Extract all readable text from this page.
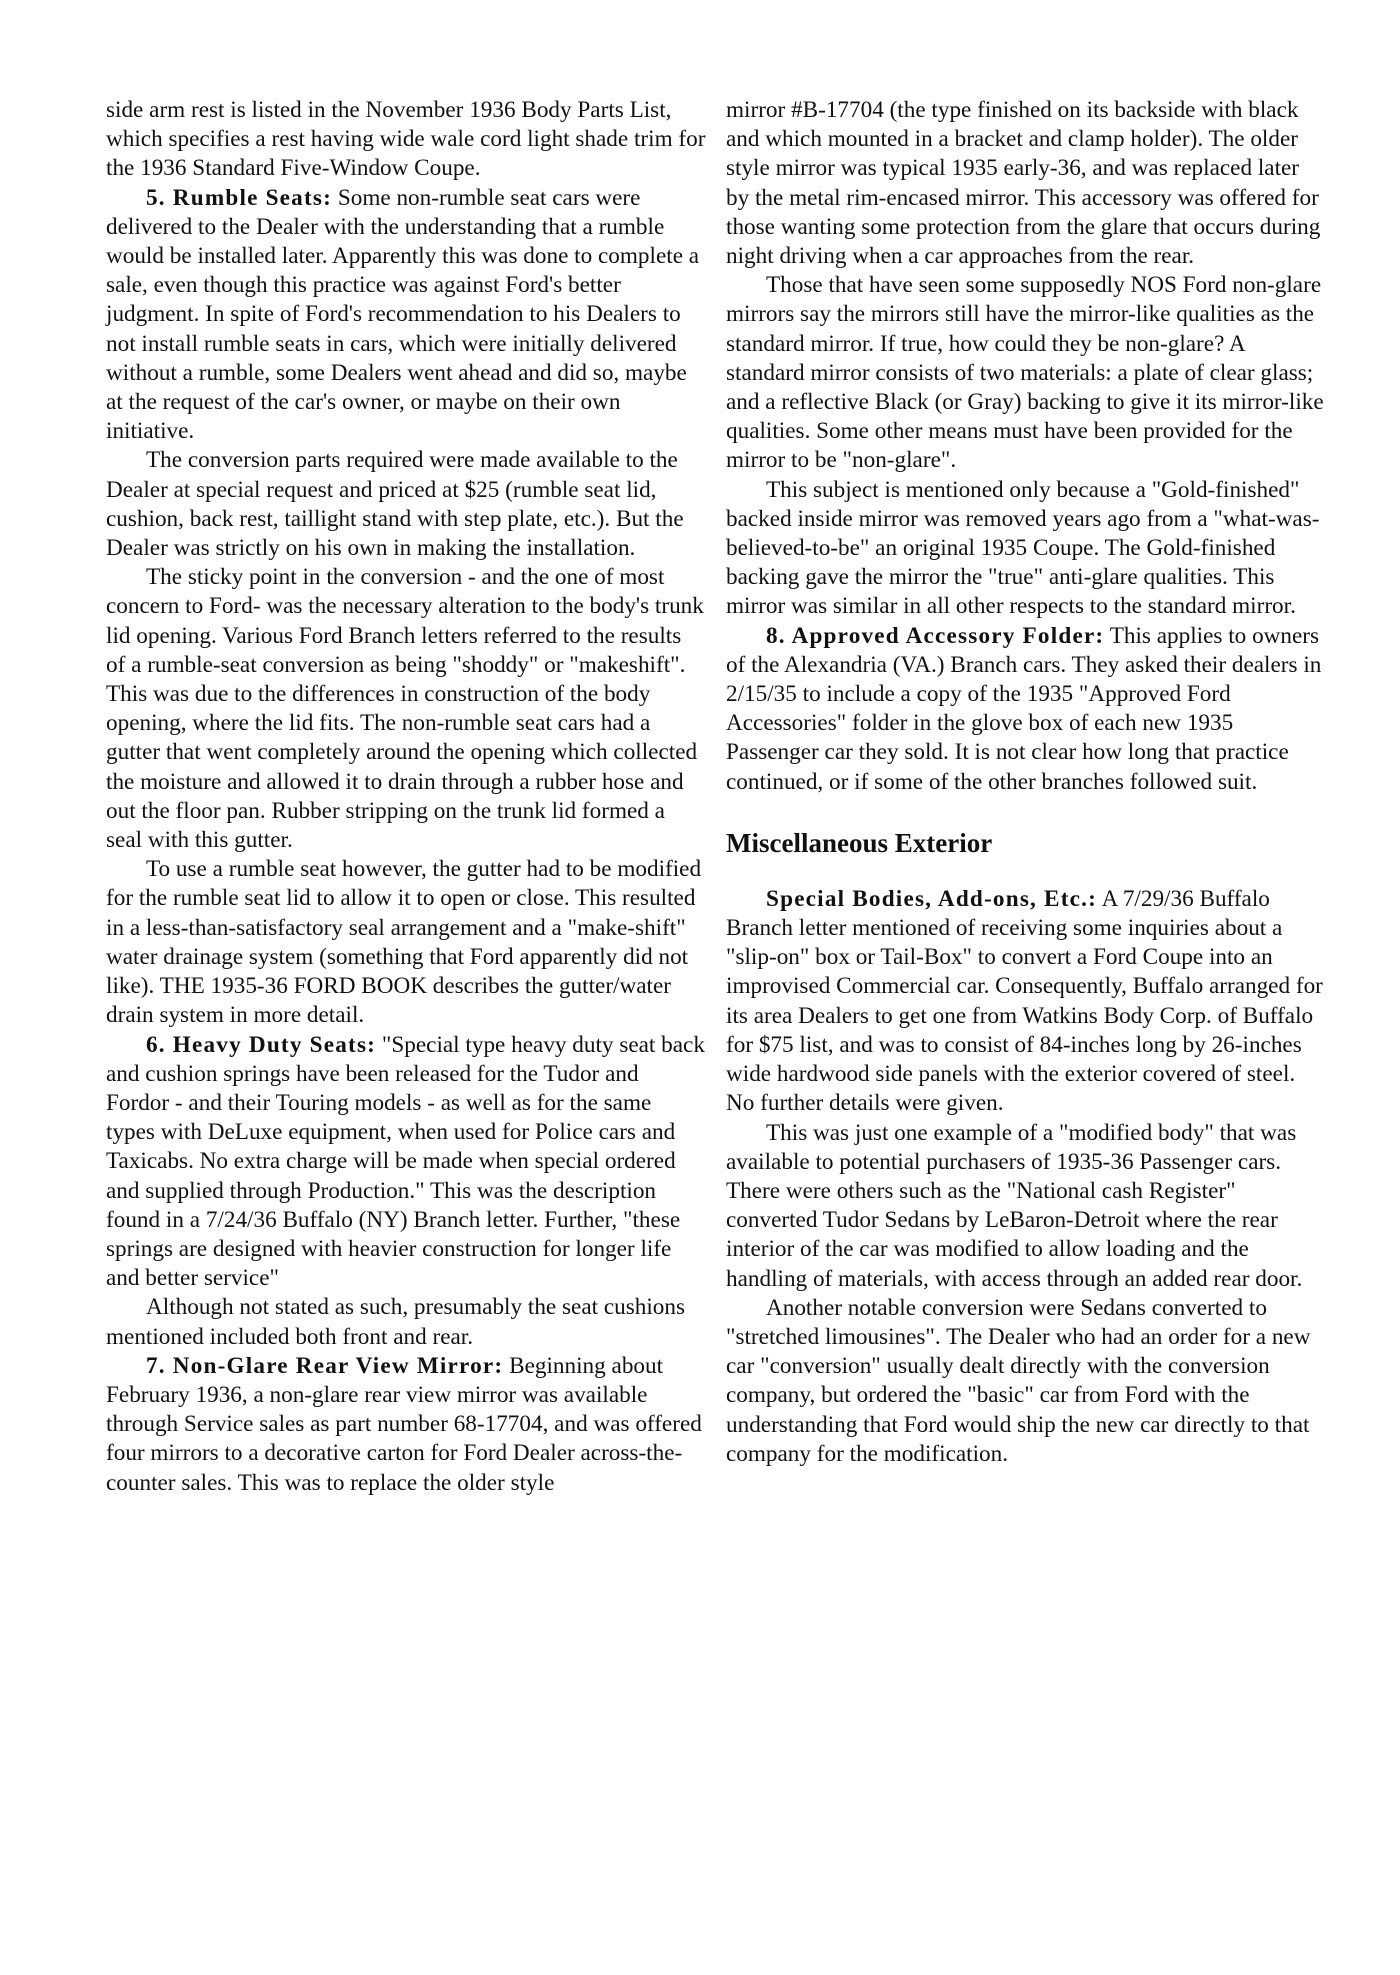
side arm rest is listed in the November 1936 Body Parts List, which specifies a rest having wide wale cord light shade trim for the 1936 Standard Five-Window Coupe.

5. Rumble Seats: Some non-rumble seat cars were delivered to the Dealer with the understanding that a rumble would be installed later. Apparently this was done to complete a sale, even though this practice was against Ford's better judgment. In spite of Ford's recommendation to his Dealers to not install rumble seats in cars, which were initially delivered without a rumble, some Dealers went ahead and did so, maybe at the request of the car's owner, or maybe on their own initiative.

The conversion parts required were made available to the Dealer at special request and priced at $25 (rumble seat lid, cushion, back rest, taillight stand with step plate, etc.). But the Dealer was strictly on his own in making the installation.

The sticky point in the conversion - and the one of most concern to Ford- was the necessary alteration to the body's trunk lid opening. Various Ford Branch letters referred to the results of a rumble-seat conversion as being "shoddy" or "makeshift". This was due to the differences in construction of the body opening, where the lid fits. The non-rumble seat cars had a gutter that went completely around the opening which collected the moisture and allowed it to drain through a rubber hose and out the floor pan. Rubber stripping on the trunk lid formed a seal with this gutter.

To use a rumble seat however, the gutter had to be modified for the rumble seat lid to allow it to open or close. This resulted in a less-than-satisfactory seal arrangement and a "make-shift" water drainage system (something that Ford apparently did not like). THE 1935-36 FORD BOOK describes the gutter/water drain system in more detail.

6. Heavy Duty Seats: "Special type heavy duty seat back and cushion springs have been released for the Tudor and Fordor - and their Touring models - as well as for the same types with DeLuxe equipment, when used for Police cars and Taxicabs. No extra charge will be made when special ordered and supplied through Production." This was the description found in a 7/24/36 Buffalo (NY) Branch letter. Further, "these springs are designed with heavier construction for longer life and better service"

Although not stated as such, presumably the seat cushions mentioned included both front and rear.

7. Non-Glare Rear View Mirror: Beginning about February 1936, a non-glare rear view mirror was available through Service sales as part number 68-17704, and was offered four mirrors to a decorative carton for Ford Dealer across-the-counter sales. This was to replace the older style

mirror #B-17704 (the type finished on its backside with black and which mounted in a bracket and clamp holder). The older style mirror was typical 1935 early-36, and was replaced later by the metal rim-encased mirror. This accessory was offered for those wanting some protection from the glare that occurs during night driving when a car approaches from the rear.

Those that have seen some supposedly NOS Ford non-glare mirrors say the mirrors still have the mirror-like qualities as the standard mirror. If true, how could they be non-glare? A standard mirror consists of two materials: a plate of clear glass; and a reflective Black (or Gray) backing to give it its mirror-like qualities. Some other means must have been provided for the mirror to be "non-glare".

This subject is mentioned only because a "Gold-finished" backed inside mirror was removed years ago from a "what-was-believed-to-be" an original 1935 Coupe. The Gold-finished backing gave the mirror the "true" anti-glare qualities. This mirror was similar in all other respects to the standard mirror.

8. Approved Accessory Folder: This applies to owners of the Alexandria (VA.) Branch cars. They asked their dealers in 2/15/35 to include a copy of the 1935 "Approved Ford Accessories" folder in the glove box of each new 1935 Passenger car they sold. It is not clear how long that practice continued, or if some of the other branches followed suit.

Miscellaneous Exterior

Special Bodies, Add-ons, Etc.: A 7/29/36 Buffalo Branch letter mentioned of receiving some inquiries about a "slip-on" box or Tail-Box" to convert a Ford Coupe into an improvised Commercial car. Consequently, Buffalo arranged for its area Dealers to get one from Watkins Body Corp. of Buffalo for $75 list, and was to consist of 84-inches long by 26-inches wide hardwood side panels with the exterior covered of steel. No further details were given.

This was just one example of a "modified body" that was available to potential purchasers of 1935-36 Passenger cars. There were others such as the "National cash Register" converted Tudor Sedans by LeBaron-Detroit where the rear interior of the car was modified to allow loading and the handling of materials, with access through an added rear door.

Another notable conversion were Sedans converted to "stretched limousines". The Dealer who had an order for a new car "conversion" usually dealt directly with the conversion company, but ordered the "basic" car from Ford with the understanding that Ford would ship the new car directly to that company for the modification.
